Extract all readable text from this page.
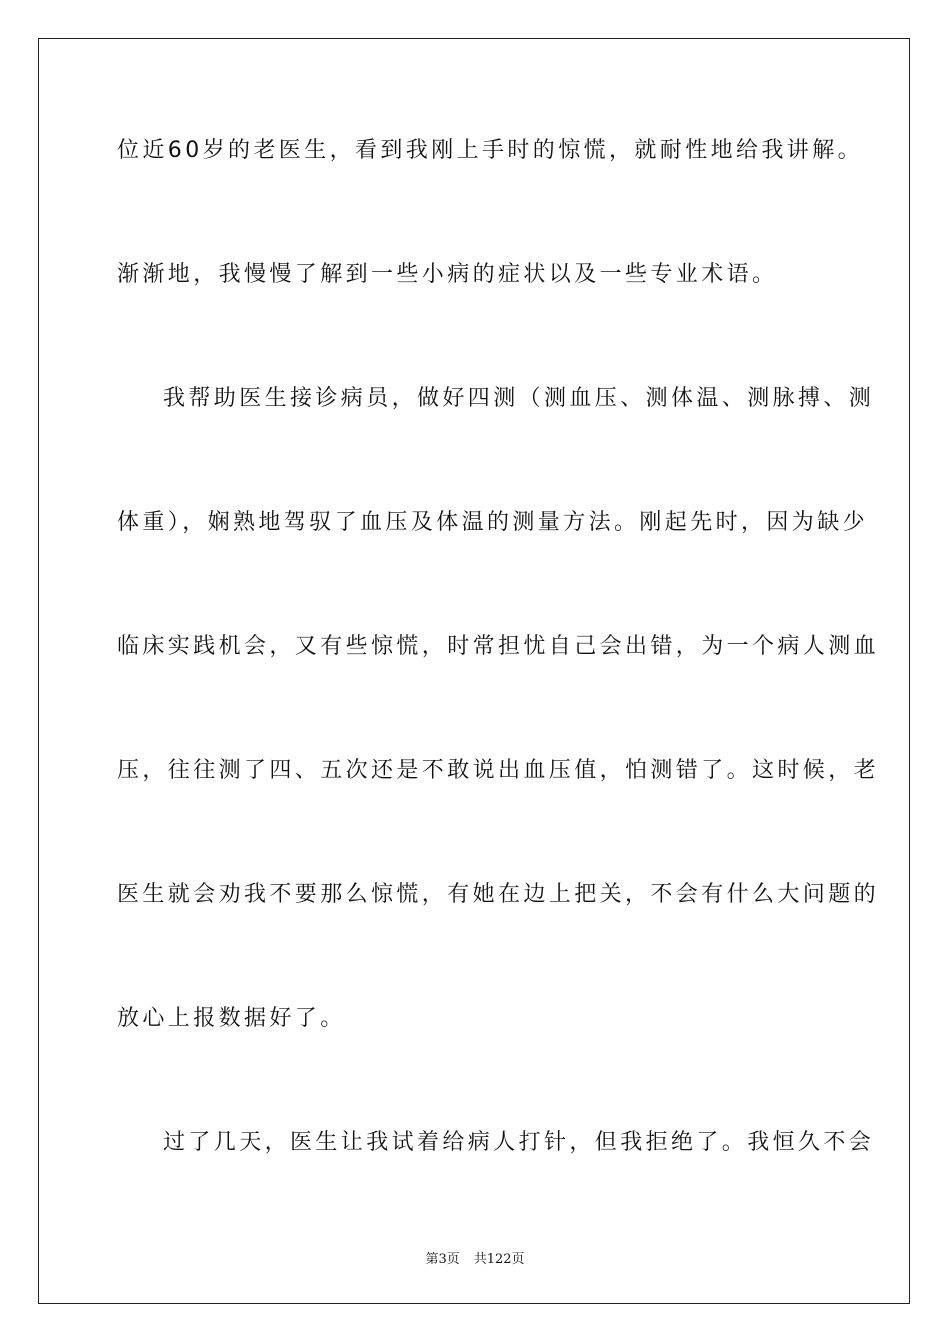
位近60岁的老医生，看到我刚上手时的惊慌，就耐性地给我讲解。
渐渐地，我慢慢了解到一些小病的症状以及一些专业术语。
我帮助医生接诊病员，做好四测（测血压、测体温、测脉搏、测
体重），娴熟地驾驭了血压及体温的测量方法。刚起先时，因为缺少
临床实践机会，又有些惊慌，时常担忧自己会出错，为一个病人测血
压，往往测了四、五次还是不敢说出血压值，怕测错了。这时候，老
医生就会劝我不要那么惊慌，有她在边上把关，不会有什么大问题的
放心上报数据好了。
过了几天，医生让我试着给病人打针，但我拒绝了。我恒久不会
第3页 共122页
